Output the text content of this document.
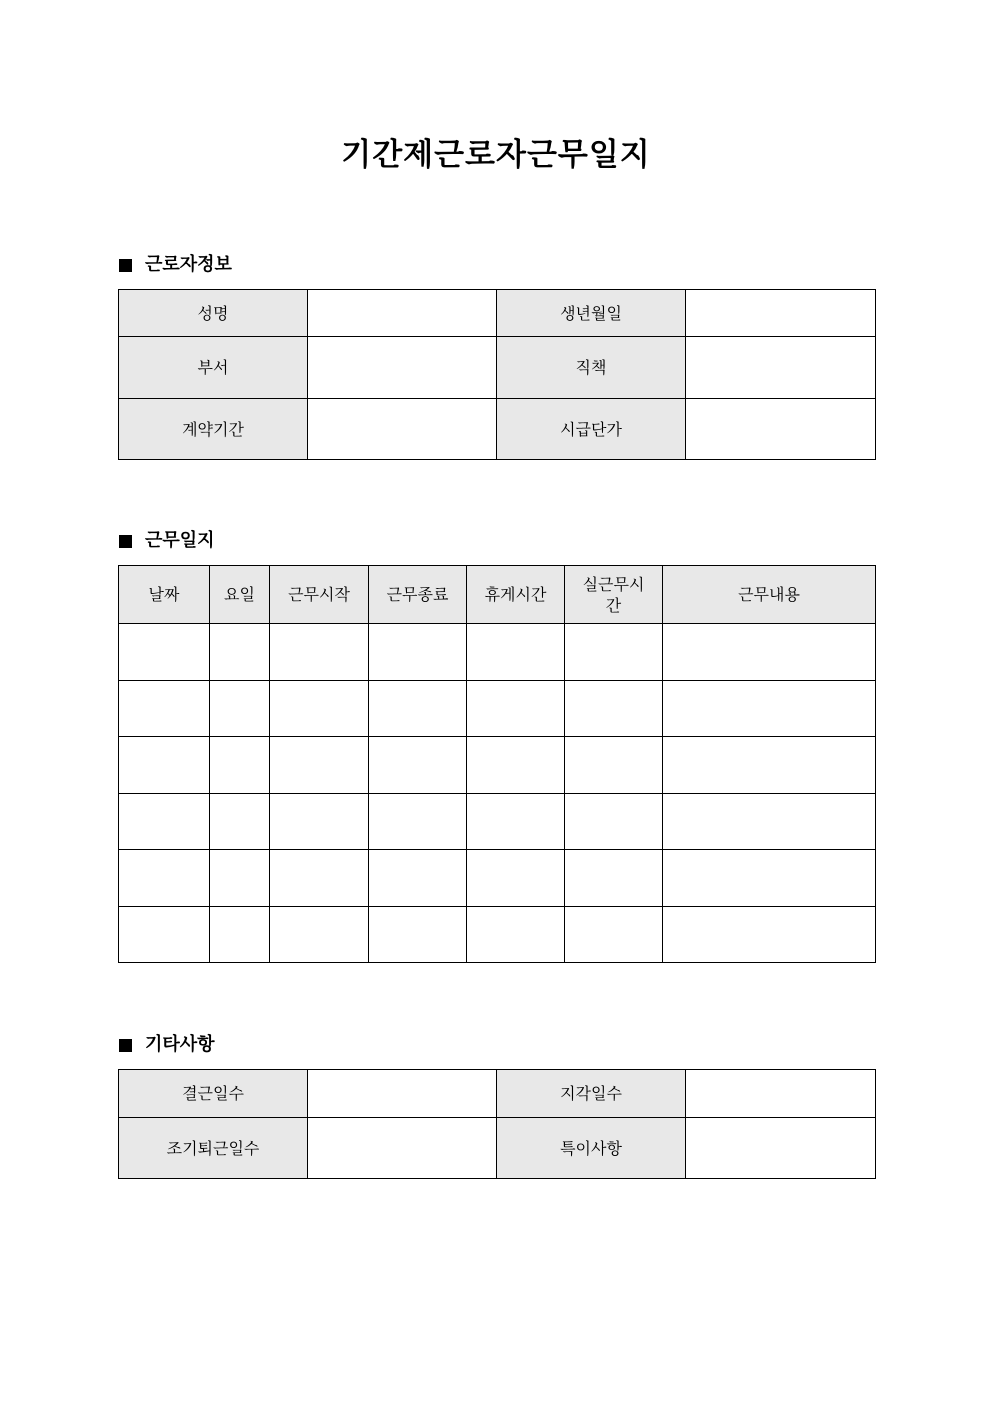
기간제근로자근무일지
근로자정보
성명		생년월일	
부서		직책	
계약기간		시급단가	
근무일지
날짜	요일	근무시작	근무종료	휴게시간	실근무시간	근무내용

기타사항
결근일수		지각일수	
조기퇴근일수		특이사항	
